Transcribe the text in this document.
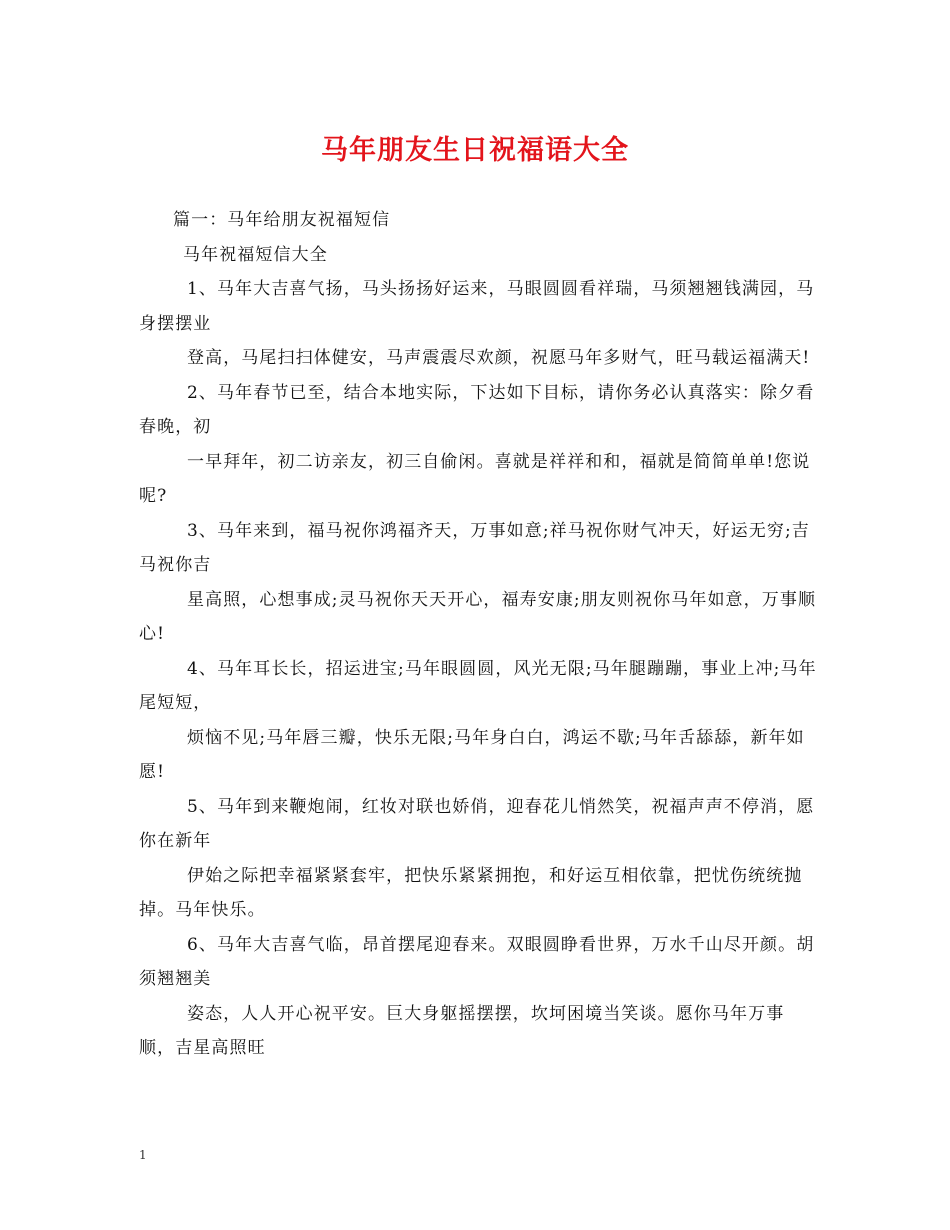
马年朋友生日祝福语大全

篇一：马年给朋友祝福短信

马年祝福短信大全

1、马年大吉喜气扬，马头扬扬好运来，马眼圆圆看祥瑞，马须翘翘钱满园，马身摆摆业

登高，马尾扫扫体健安，马声震震尽欢颜，祝愿马年多财气，旺马载运福满天!

2、马年春节已至，结合本地实际，下达如下目标，请你务必认真落实：除夕看春晚，初

一早拜年，初二访亲友，初三自偷闲。喜就是祥祥和和，福就是简简单单!您说呢?

3、马年来到，福马祝你鸿福齐天，万事如意;祥马祝你财气冲天，好运无穷;吉马祝你吉

星高照，心想事成;灵马祝你天天开心，福寿安康;朋友则祝你马年如意，万事顺心!

4、马年耳长长，招运进宝;马年眼圆圆，风光无限;马年腿蹦蹦，事业上冲;马年尾短短，

烦恼不见;马年唇三瓣，快乐无限;马年身白白，鸿运不歇;马年舌舔舔，新年如愿!

5、马年到来鞭炮闹，红妆对联也娇俏，迎春花儿悄然笑，祝福声声不停消，愿你在新年

伊始之际把幸福紧紧套牢，把快乐紧紧拥抱，和好运互相依靠，把忧伤统统抛掉。马年快乐。

6、马年大吉喜气临，昂首摆尾迎春来。双眼圆睁看世界，万水千山尽开颜。胡须翘翘美

姿态，人人开心祝平安。巨大身躯摇摆摆，坎坷困境当笑谈。愿你马年万事顺，吉星高照旺

1
